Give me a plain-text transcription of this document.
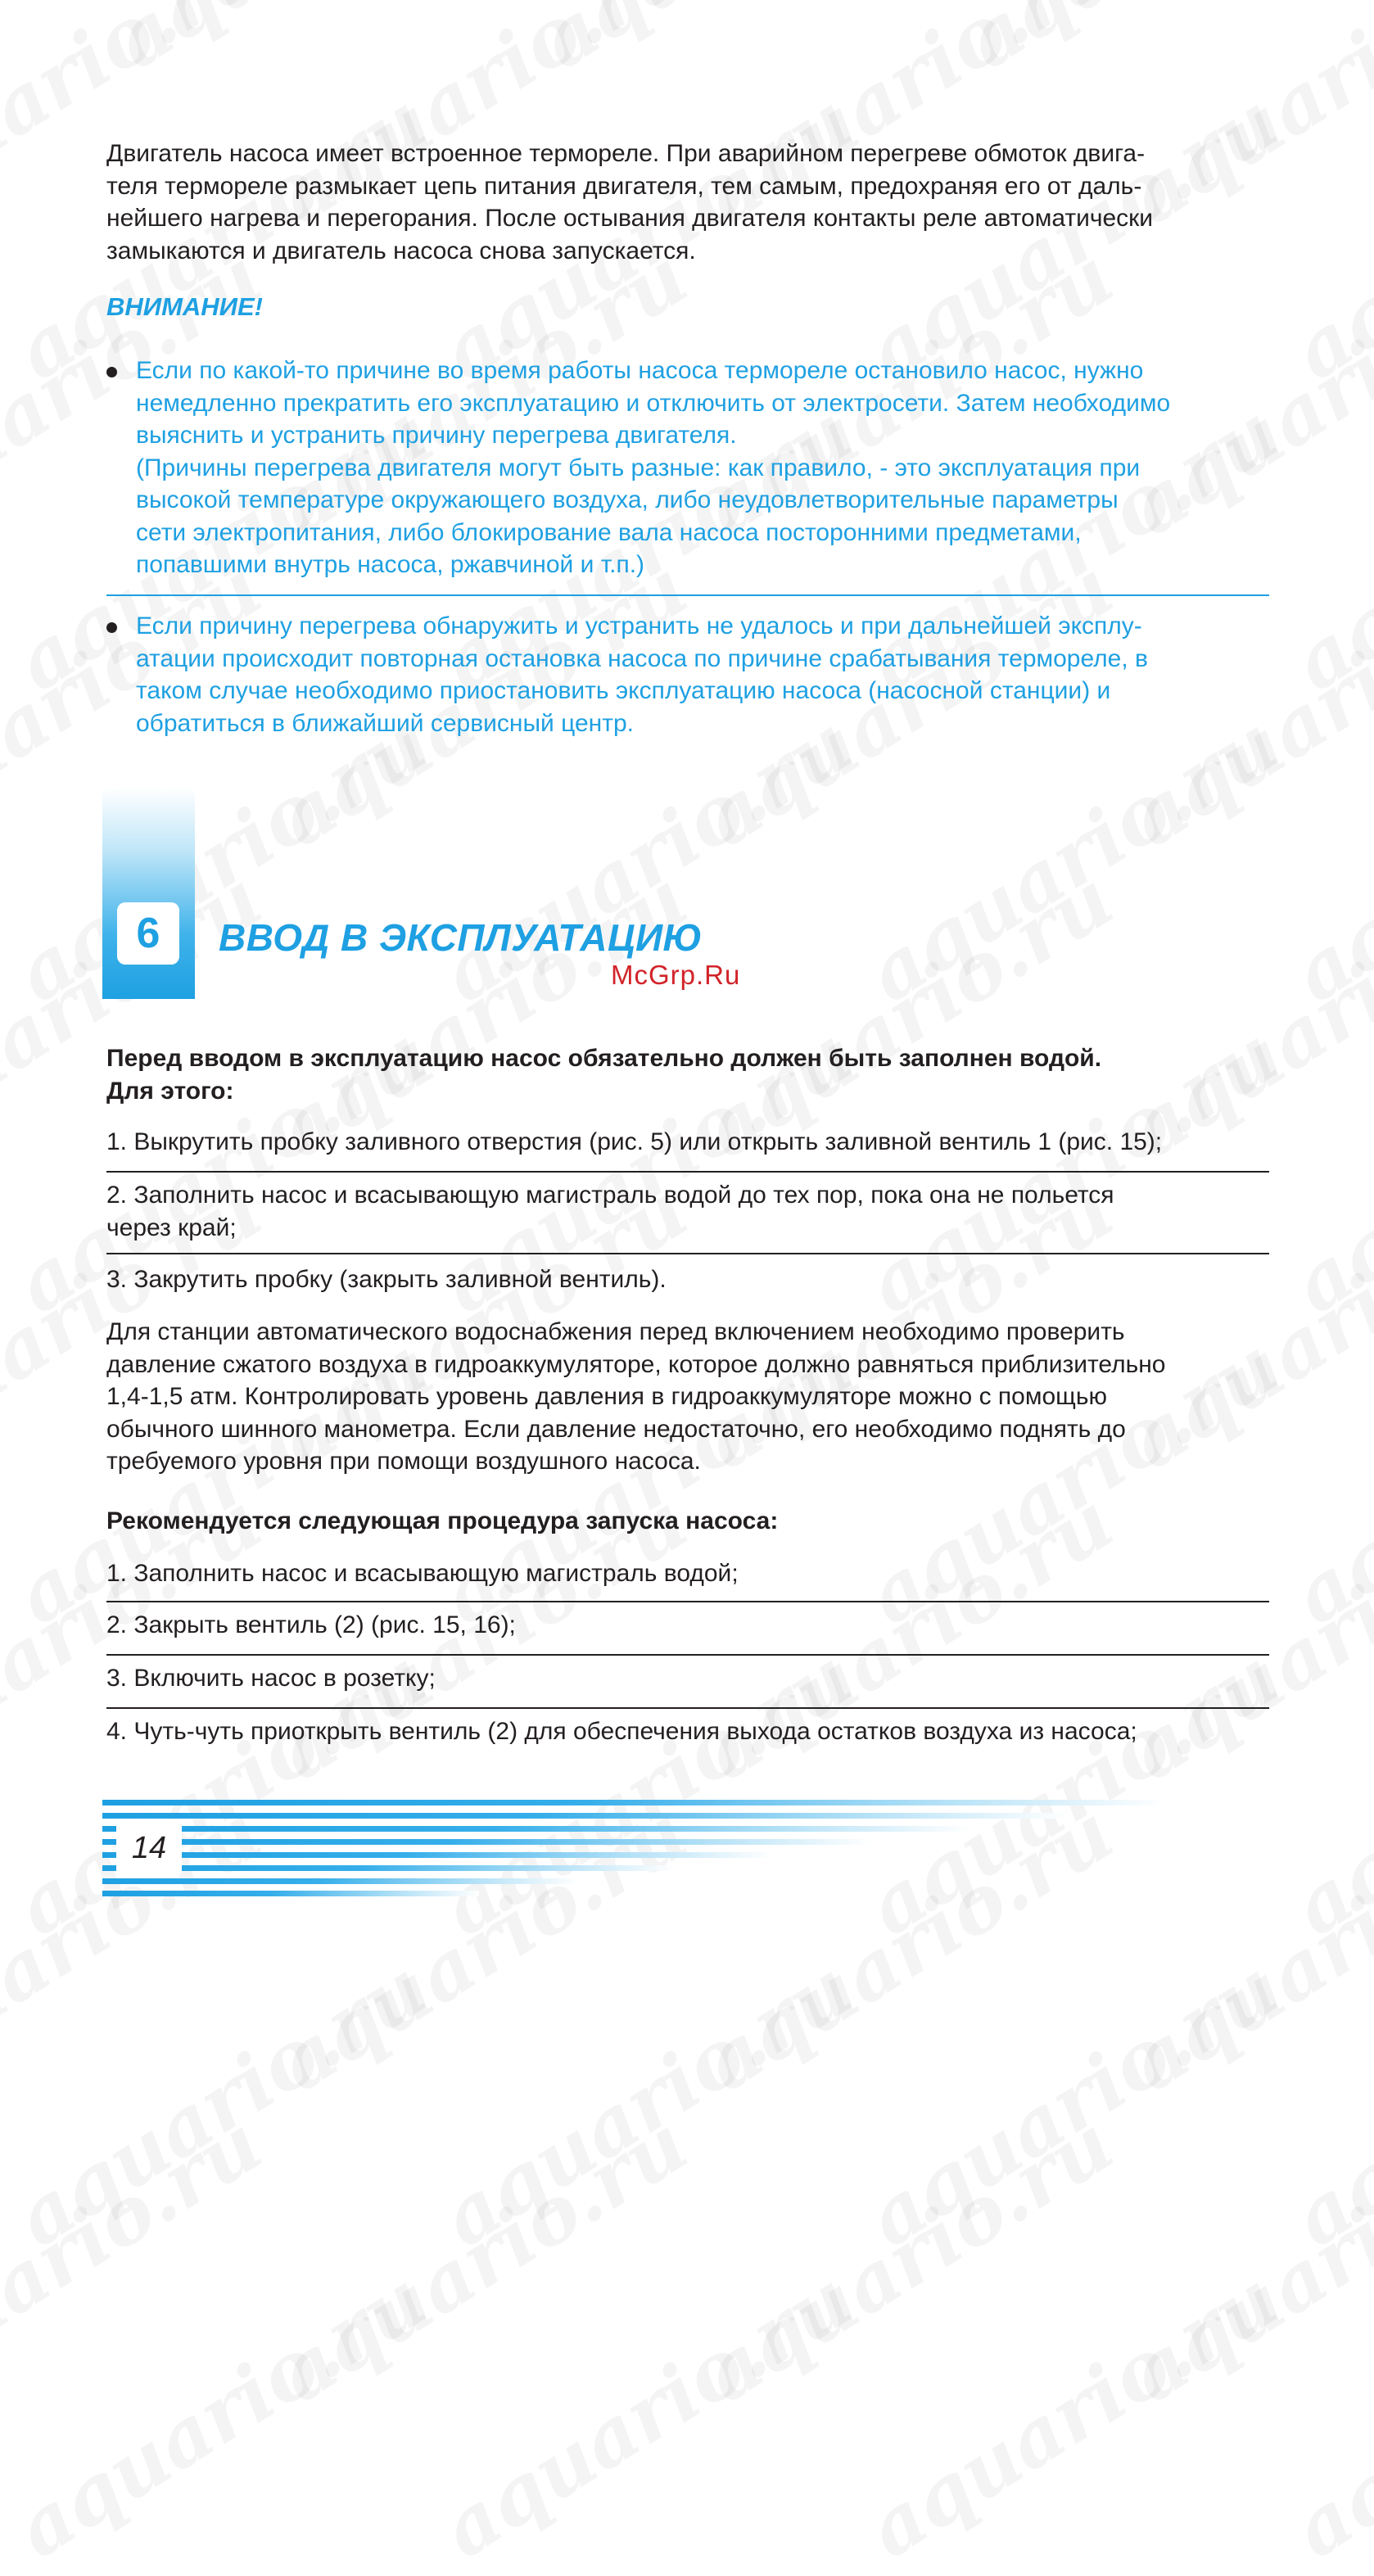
Двигатель насоса имеет встроенное термореле. При аварийном перегреве обмоток двига-
теля термореле размыкает цепь питания двигателя, тем самым, предохраняя его от даль-
нейшего нагрева и перегорания. После остывания двигателя контакты реле автоматически
замыкаются и двигатель насоса снова запускается.
ВНИМАНИЕ!
Если по какой-то причине во время работы насоса термореле остановило насос, нужно
немедленно прекратить его эксплуатацию и отключить от электросети. Затем необходимо
выяснить и устранить причину перегрева двигателя.
(Причины перегрева двигателя могут быть разные: как правило, - это эксплуатация при
высокой температуре окружающего воздуха, либо неудовлетворительные параметры
сети электропитания, либо блокирование вала насоса посторонними предметами,
попавшими внутрь насоса, ржавчиной и т.п.)
Если причину перегрева обнаружить и устранить не удалось и при дальнейшей эксплу-
атации происходит повторная остановка насоса по причине срабатывания термореле, в
таком случае необходимо приостановить эксплуатацию насоса (насосной станции) и
обратиться в ближайший сервисный центр.
6	ВВОД В ЭКСПЛУАТАЦИЮ
McGrp.Ru
Перед вводом в эксплуатацию насос обязательно должен быть заполнен водой.
Для этого:
1. Выкрутить пробку заливного отверстия (рис. 5) или открыть заливной вентиль 1 (рис. 15);
2. Заполнить насос и всасывающую магистраль водой до тех пор, пока она не польется
через край;
3. Закрутить пробку (закрыть заливной вентиль).
Для станции автоматического водоснабжения перед включением необходимо проверить
давление сжатого воздуха в гидроаккумуляторе, которое должно равняться приблизительно
1,4-1,5 атм. Контролировать уровень давления в гидроаккумуляторе можно с помощью
обычного шинного манометра. Если давление недостаточно, его необходимо поднять до
требуемого уровня при помощи воздушного насоса.
Рекомендуется следующая процедура запуска насоса:
1. Заполнить насос и всасывающую магистраль водой;
2. Закрыть вентиль (2) (рис. 15, 16);
3. Включить насос в розетку;
4. Чуть-чуть приоткрыть вентиль (2) для обеспечения выхода остатков воздуха из насоса;
14
